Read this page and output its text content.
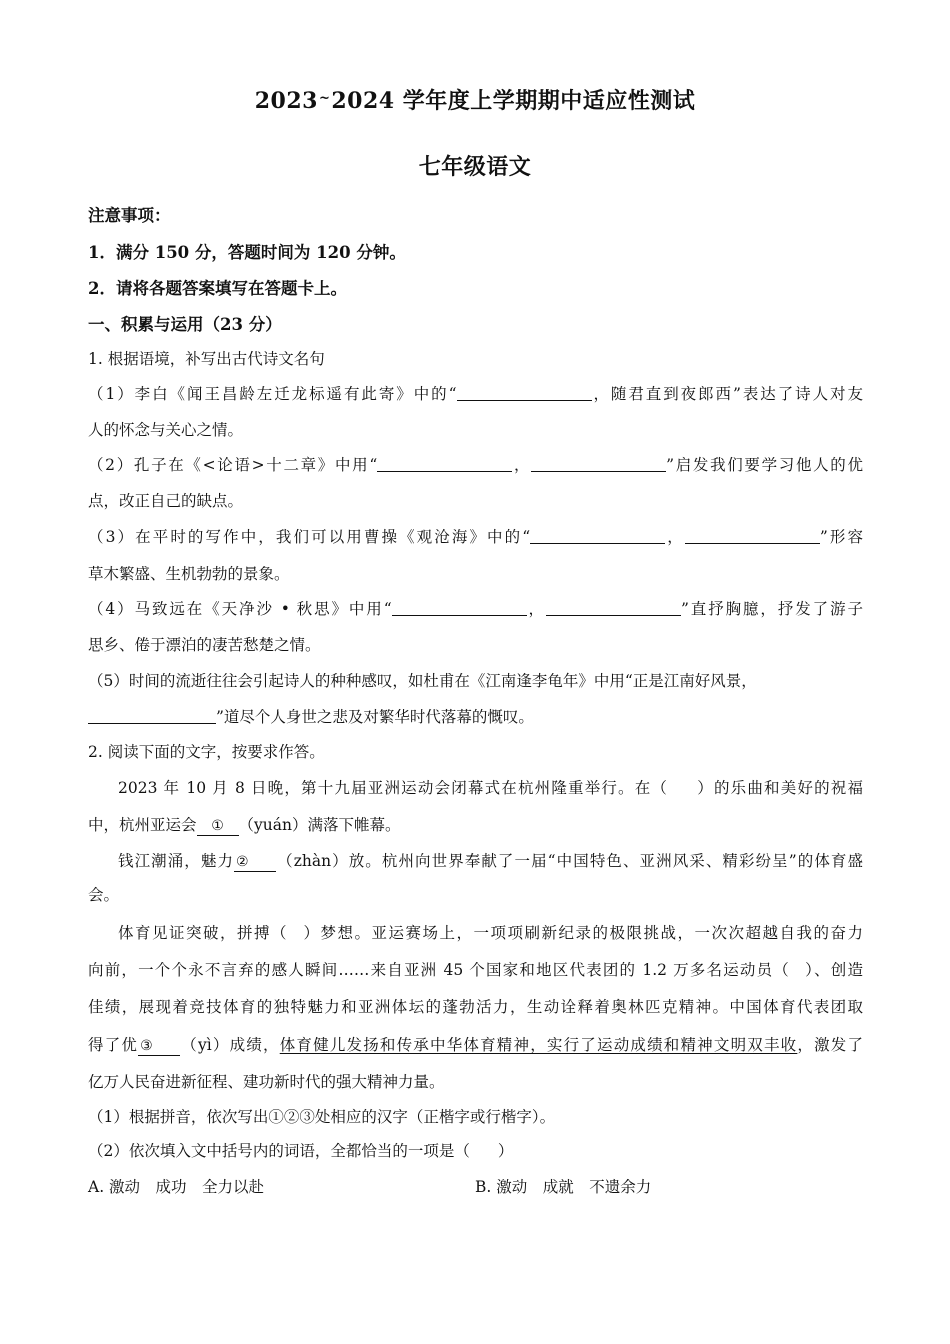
2023~2024 学年度上学期期中适应性测试
七年级语文
注意事项：
1．满分 150 分，答题时间为 120 分钟。
2．请将各题答案填写在答题卡上。
一、积累与运用（23 分）
1. 根据语境，补写出古代诗文名句
（1）李白《闻王昌龄左迁龙标遥有此寄》中的“	，随君直到夜郎西”表达了诗人对友
人的怀念与关心之情。
（2）孔子在《<论语>十二章》中用“	，	”启发我们要学习他人的优
点，改正自己的缺点。
（3）在平时的写作中，我们可以用曹操《观沧海》中的“	，	”形容
草木繁盛、生机勃勃的景象。
（4）马致远在《天净沙 • 秋思》中用“	，	”直抒胸臆，抒发了游子
思乡、倦于漂泊的凄苦愁楚之情。
（5）时间的流逝往往会引起诗人的种种感叹，如杜甫在《江南逢李龟年》中用“正是江南好风景，
”道尽个人身世之悲及对繁华时代落幕的慨叹。
2. 阅读下面的文字，按要求作答。
2023 年 10 月 8 日晚，第十九届亚洲运动会闭幕式在杭州隆重举行。在（ ）的乐曲和美好的祝福
中，杭州亚运会 ① （yuán）满落下帷幕。
钱江潮涌，魅力 ② （zhàn）放。杭州向世界奉献了一届“中国特色、亚洲风采、精彩纷呈”的体育盛
会。
体育见证突破，拼搏（ ）梦想。亚运赛场上，一项项刷新纪录的极限挑战，一次次超越自我的奋力
向前，一个个永不言弃的感人瞬间……来自亚洲 45 个国家和地区代表团的 1.2 万多名运动员（ ）、创造
佳绩，展现着竞技体育的独特魅力和亚洲体坛的蓬勃活力，生动诠释着奥林匹克精神。中国体育代表团取
得了优 ③ （yì）成绩，体育健儿发扬和传承中华体育精神，实行了运动成绩和精神文明双丰收，激发了
亿万人民奋进新征程、建功新时代的强大精神力量。
（1）根据拼音，依次写出①②③处相应的汉字（正楷字或行楷字）。
（2）依次填入文中括号内的词语，全都恰当的一项是（ ）
A. 激动　成功　全力以赴	B. 激动　成就　不遗余力
